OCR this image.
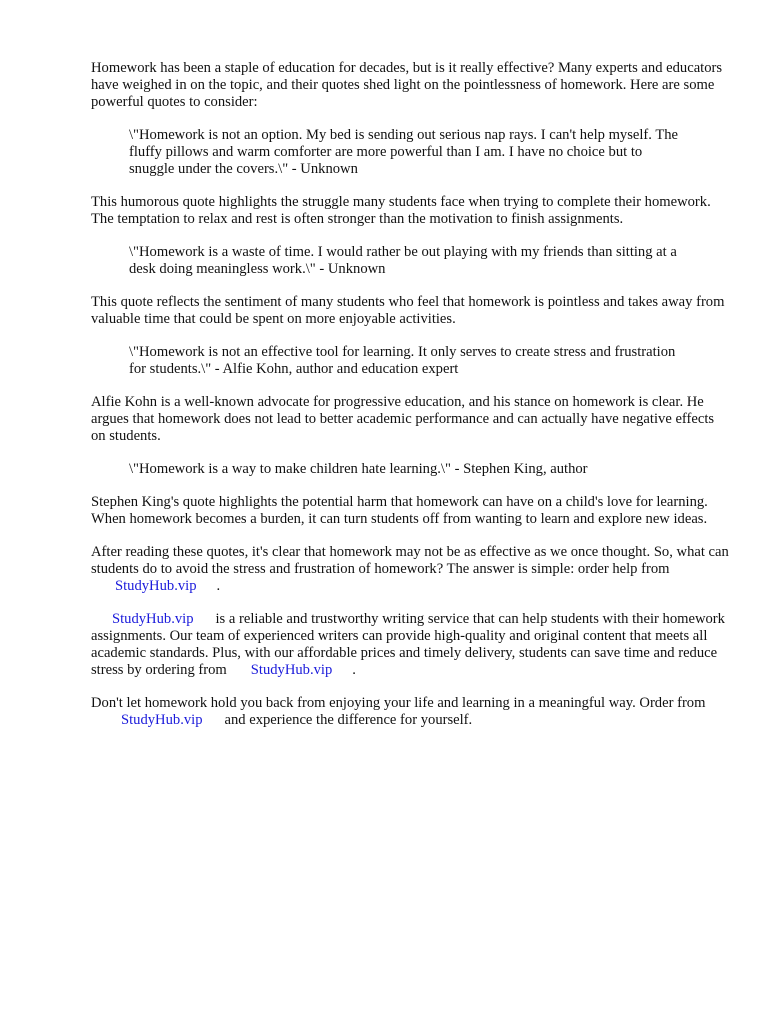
Homework has been a staple of education for decades, but is it really effective? Many experts and educators have weighed in on the topic, and their quotes shed light on the pointlessness of homework. Here are some powerful quotes to consider:

\"Homework is not an option. My bed is sending out serious nap rays. I can't help myself. The fluffy pillows and warm comforter are more powerful than I am. I have no choice but to snuggle under the covers.\" - Unknown

This humorous quote highlights the struggle many students face when trying to complete their homework. The temptation to relax and rest is often stronger than the motivation to finish assignments.

\"Homework is a waste of time. I would rather be out playing with my friends than sitting at a desk doing meaningless work.\" - Unknown

This quote reflects the sentiment of many students who feel that homework is pointless and takes away from valuable time that could be spent on more enjoyable activities.

\"Homework is not an effective tool for learning. It only serves to create stress and frustration for students.\" - Alfie Kohn, author and education expert

Alfie Kohn is a well-known advocate for progressive education, and his stance on homework is clear. He argues that homework does not lead to better academic performance and can actually have negative effects on students.

\"Homework is a way to make children hate learning.\" - Stephen King, author

Stephen King's quote highlights the potential harm that homework can have on a child's love for learning. When homework becomes a burden, it can turn students off from wanting to learn and explore new ideas.

After reading these quotes, it's clear that homework may not be as effective as we once thought. So, what can students do to avoid the stress and frustration of homework? The answer is simple: order help fromStudyHub.vip .

StudyHub.vip is a reliable and trustworthy writing service that can help students with their homework assignments. Our team of experienced writers can provide high-quality and original content that meets all academic standards. Plus, with our affordable prices and timely delivery, students can save time and reduce stress by ordering from StudyHub.vip .

Don't let homework hold you back from enjoying your life and learning in a meaningful way. Order fromStudyHub.vip and experience the difference for yourself.
